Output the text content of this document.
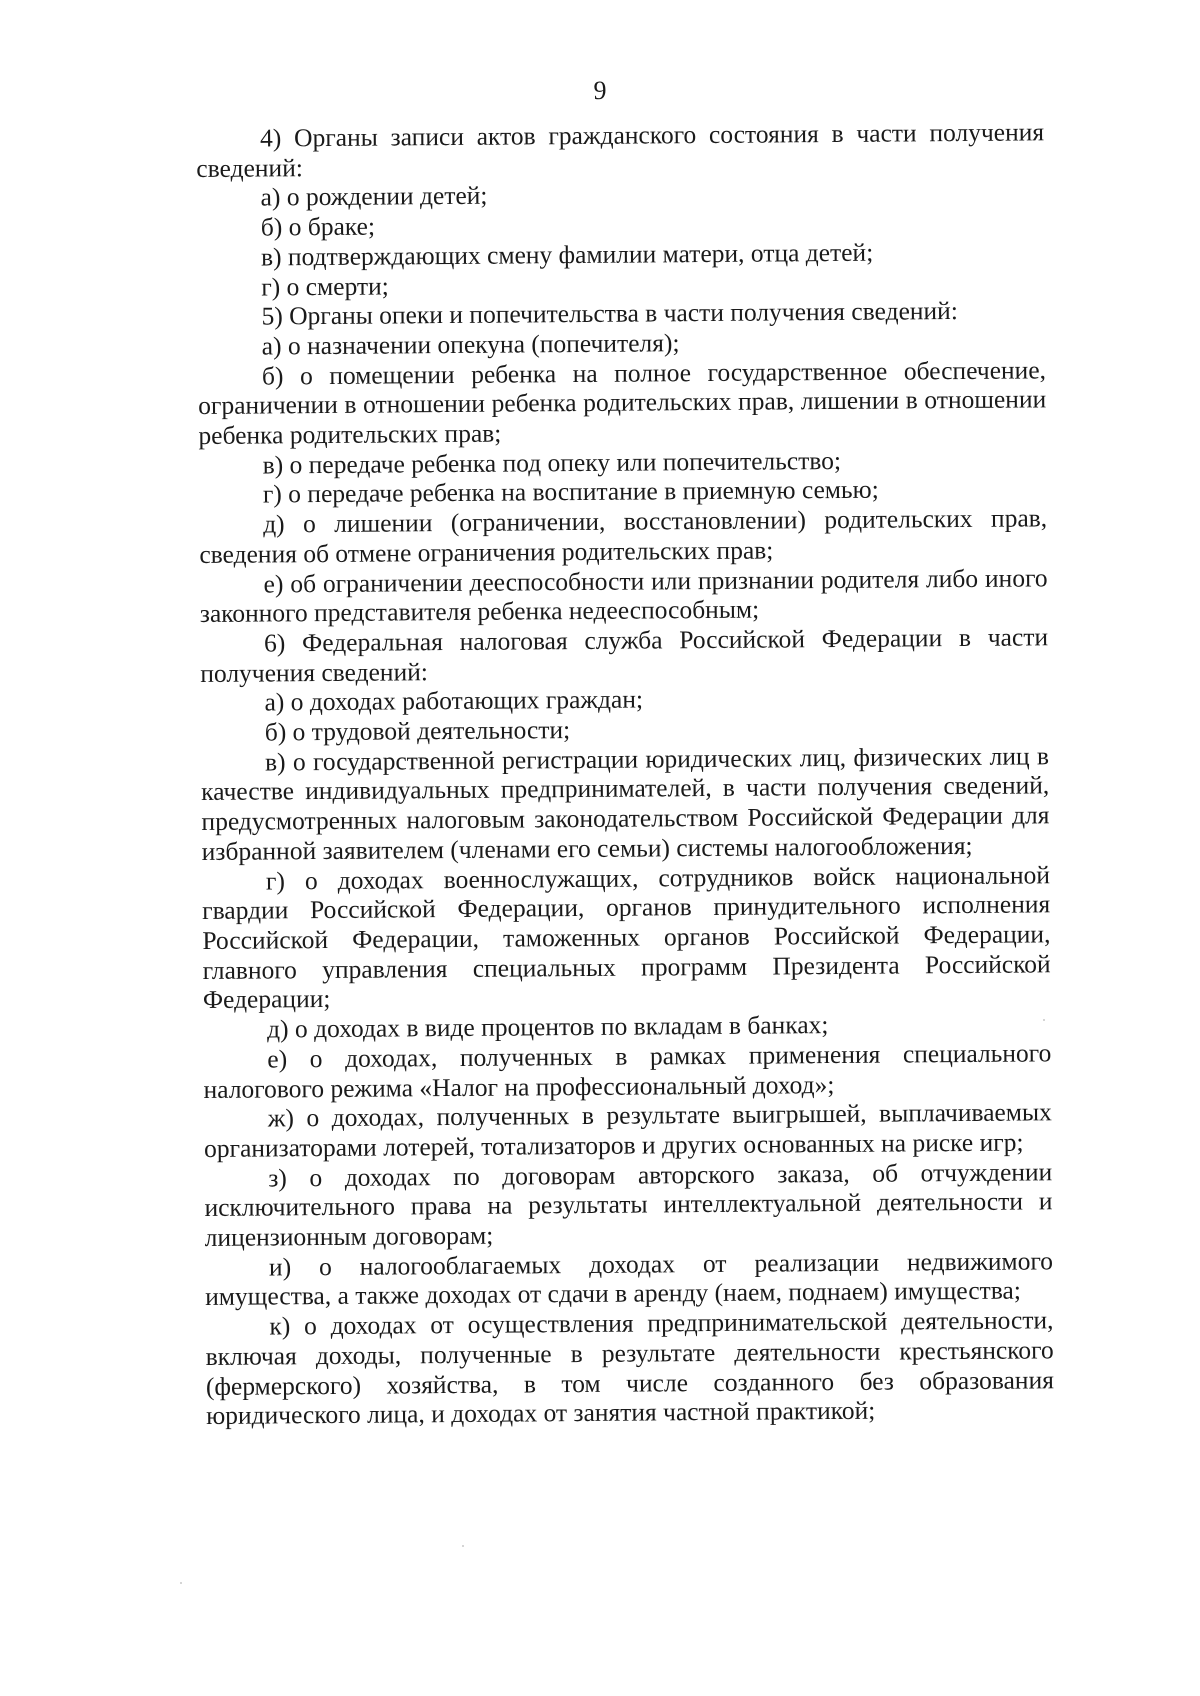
9

4) Органы записи актов гражданского состояния в части получения сведений:

а) о рождении детей;

б) о браке;

в) подтверждающих смену фамилии матери, отца детей;

г) о смерти;

5) Органы опеки и попечительства в части получения сведений:

а) о назначении опекуна (попечителя);

б) о помещении ребенка на полное государственное обеспечение, ограничении в отношении ребенка родительских прав, лишении в отношении ребенка родительских прав;

в) о передаче ребенка под опеку или попечительство;

г) о передаче ребенка на воспитание в приемную семью;

д) о лишении (ограничении, восстановлении) родительских прав, сведения об отмене ограничения родительских прав;

е) об ограничении дееспособности или признании родителя либо иного законного представителя ребенка недееспособным;

6) Федеральная налоговая служба Российской Федерации в части получения сведений:

а) о доходах работающих граждан;

б) о трудовой деятельности;

в) о государственной регистрации юридических лиц, физических лиц в качестве индивидуальных предпринимателей, в части получения сведений, предусмотренных налоговым законодательством Российской Федерации для избранной заявителем (членами его семьи) системы налогообложения;

г) о доходах военнослужащих, сотрудников войск национальной гвардии Российской Федерации, органов принудительного исполнения Российской Федерации, таможенных органов Российской Федерации, главного управления специальных программ Президента Российской Федерации;

д) о доходах в виде процентов по вкладам в банках;

е) о доходах, полученных в рамках применения специального налогового режима «Налог на профессиональный доход»;

ж) о доходах, полученных в результате выигрышей, выплачиваемых организаторами лотерей, тотализаторов и других основанных на риске игр;

з) о доходах по договорам авторского заказа, об отчуждении исключительного права на результаты интеллектуальной деятельности и лицензионным договорам;

и) о налогооблагаемых доходах от реализации недвижимого имущества, а также доходах от сдачи в аренду (наем, поднаем) имущества;

к) о доходах от осуществления предпринимательской деятельности, включая доходы, полученные в результате деятельности крестьянского (фермерского) хозяйства, в том числе созданного без образования юридического лица, и доходах от занятия частной практикой;
